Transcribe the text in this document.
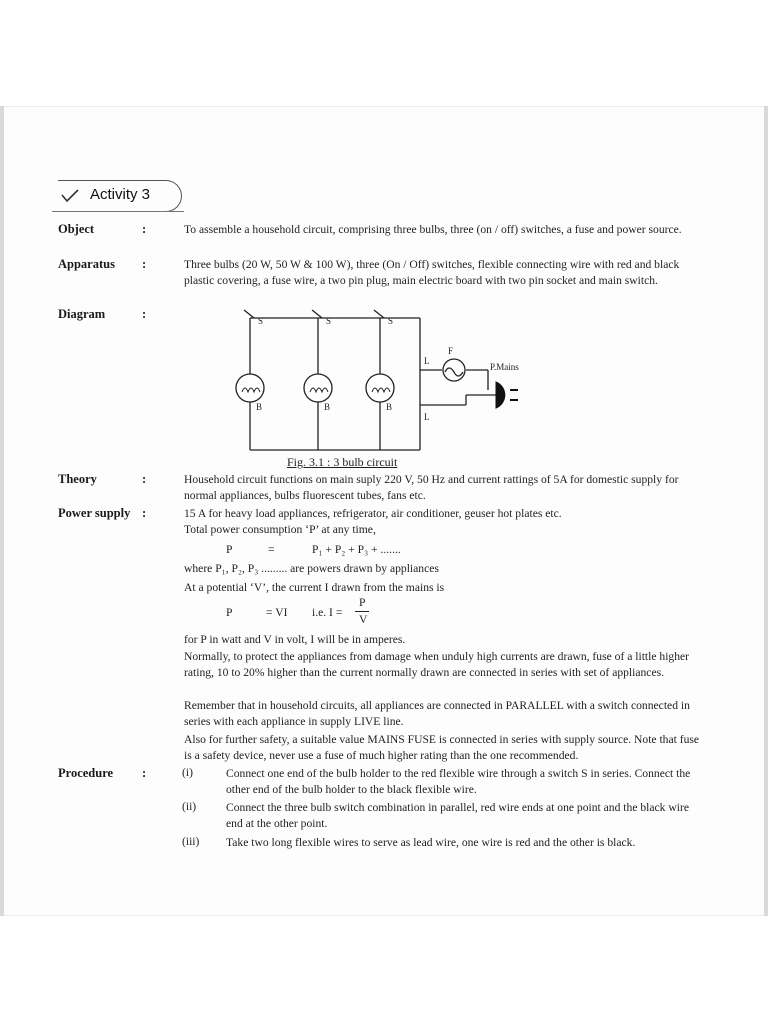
Activity 3
Object	:	To assemble a household circuit, comprising three bulbs, three (on / off) switches, a fuse and power source.
Apparatus :	Three bulbs (20 W, 50 W & 100 W), three (On / Off) switches, flexible connecting wire with red and black plastic covering, a fuse wire, a two pin plug, main electric board with two pin socket and main switch.
Diagram	:	S	S	S
B	B	B
L
L
F
P.Mains
Fig. 3.1 : 3 bulb circuit
Theory	:	Household circuit functions on main suply 220 V, 50 Hz and current rattings of 5A for domestic supply for normal appliances, bulbs fluorescent tubes, fans etc.
Power supply :	15 A for heavy load appliances, refrigerator, air conditioner, geuser hot plates etc.
Total power consumption ‘P’ at any time,
P	=	P₁ + P₂ + P₃ + .......
where P₁, P₂, P₃ ......... are powers drawn by appliances
At a potential ‘V’, the current I drawn from the mains is
P	= VI i.e. I =
P
V
for P in watt and V in volt, I will be in amperes.
Normally, to protect the appliances from damage when unduly high currents are drawn, fuse of a little higher rating, 10 to 20% higher than the current normally drawn are connected in series with set of appliances.
Remember that in household circuits, all appliances are connected in PARALLEL with a switch connected in series with each appliance in supply LIVE line.
Also for further safety, a suitable value MAINS FUSE is connected in series with supply source. Note that fuse is a safety device, never use a fuse of much higher rating than the one recommended.
Procedure :	(i)	Connect one end of the bulb holder to the red flexible wire through a switch S in series. Connect the other end of the bulb holder to the black flexible wire.
(ii)	Connect the three bulb switch combination in parallel, red wire ends at one point and the black wire end at the other point.
(iii) Take two long flexible wires to serve as lead wire, one wire is red and the other is black.
